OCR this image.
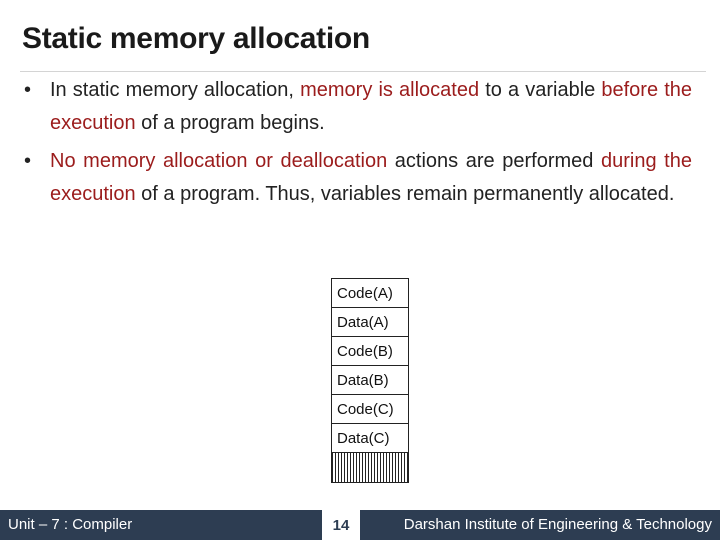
Static memory allocation
• In static memory allocation, memory is allocated to a variable before the execution of a program begins.
• No memory allocation or deallocation actions are performed during the execution of a program. Thus, variables remain permanently allocated.
Code(A)
Data(A)
Code(B)
Data(B)
Code(C)
Data(C)
Unit – 7 : Compiler	14	Darshan Institute of Engineering & Technology
